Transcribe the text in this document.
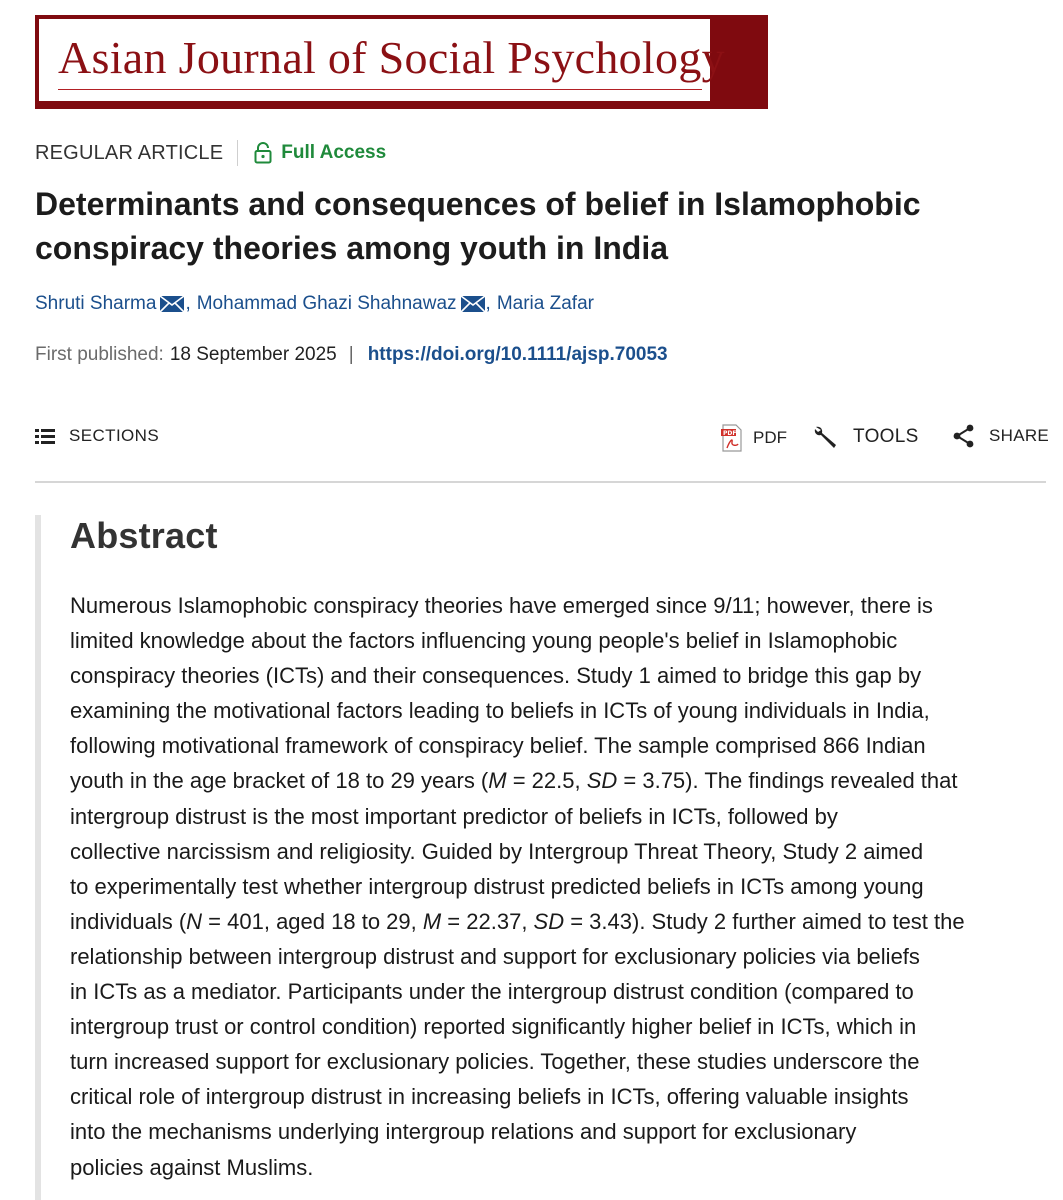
Asian Journal of Social Psychology
REGULAR ARTICLE	Full Access
Determinants and consequences of belief in Islamophobic conspiracy theories among youth in India
Shruti Sharma , Mohammad Ghazi Shahnawaz , Maria Zafar
First published: 18 September 2025 | https://doi.org/10.1111/ajsp.70053
SECTIONS	PDF PDF	TOOLS	SHARE
Abstract
Numerous Islamophobic conspiracy theories have emerged since 9/11; however, there is
limited knowledge about the factors influencing young people's belief in Islamophobic
conspiracy theories (ICTs) and their consequences. Study 1 aimed to bridge this gap by
examining the motivational factors leading to beliefs in ICTs of young individuals in India,
following motivational framework of conspiracy belief. The sample comprised 866 Indian
youth in the age bracket of 18 to 29 years (M = 22.5, SD = 3.75). The findings revealed that
intergroup distrust is the most important predictor of beliefs in ICTs, followed by
collective narcissism and religiosity. Guided by Intergroup Threat Theory, Study 2 aimed
to experimentally test whether intergroup distrust predicted beliefs in ICTs among young
individuals (N = 401, aged 18 to 29, M = 22.37, SD = 3.43). Study 2 further aimed to test the
relationship between intergroup distrust and support for exclusionary policies via beliefs
in ICTs as a mediator. Participants under the intergroup distrust condition (compared to
intergroup trust or control condition) reported significantly higher belief in ICTs, which in
turn increased support for exclusionary policies. Together, these studies underscore the
critical role of intergroup distrust in increasing beliefs in ICTs, offering valuable insights
into the mechanisms underlying intergroup relations and support for exclusionary
policies against Muslims.
